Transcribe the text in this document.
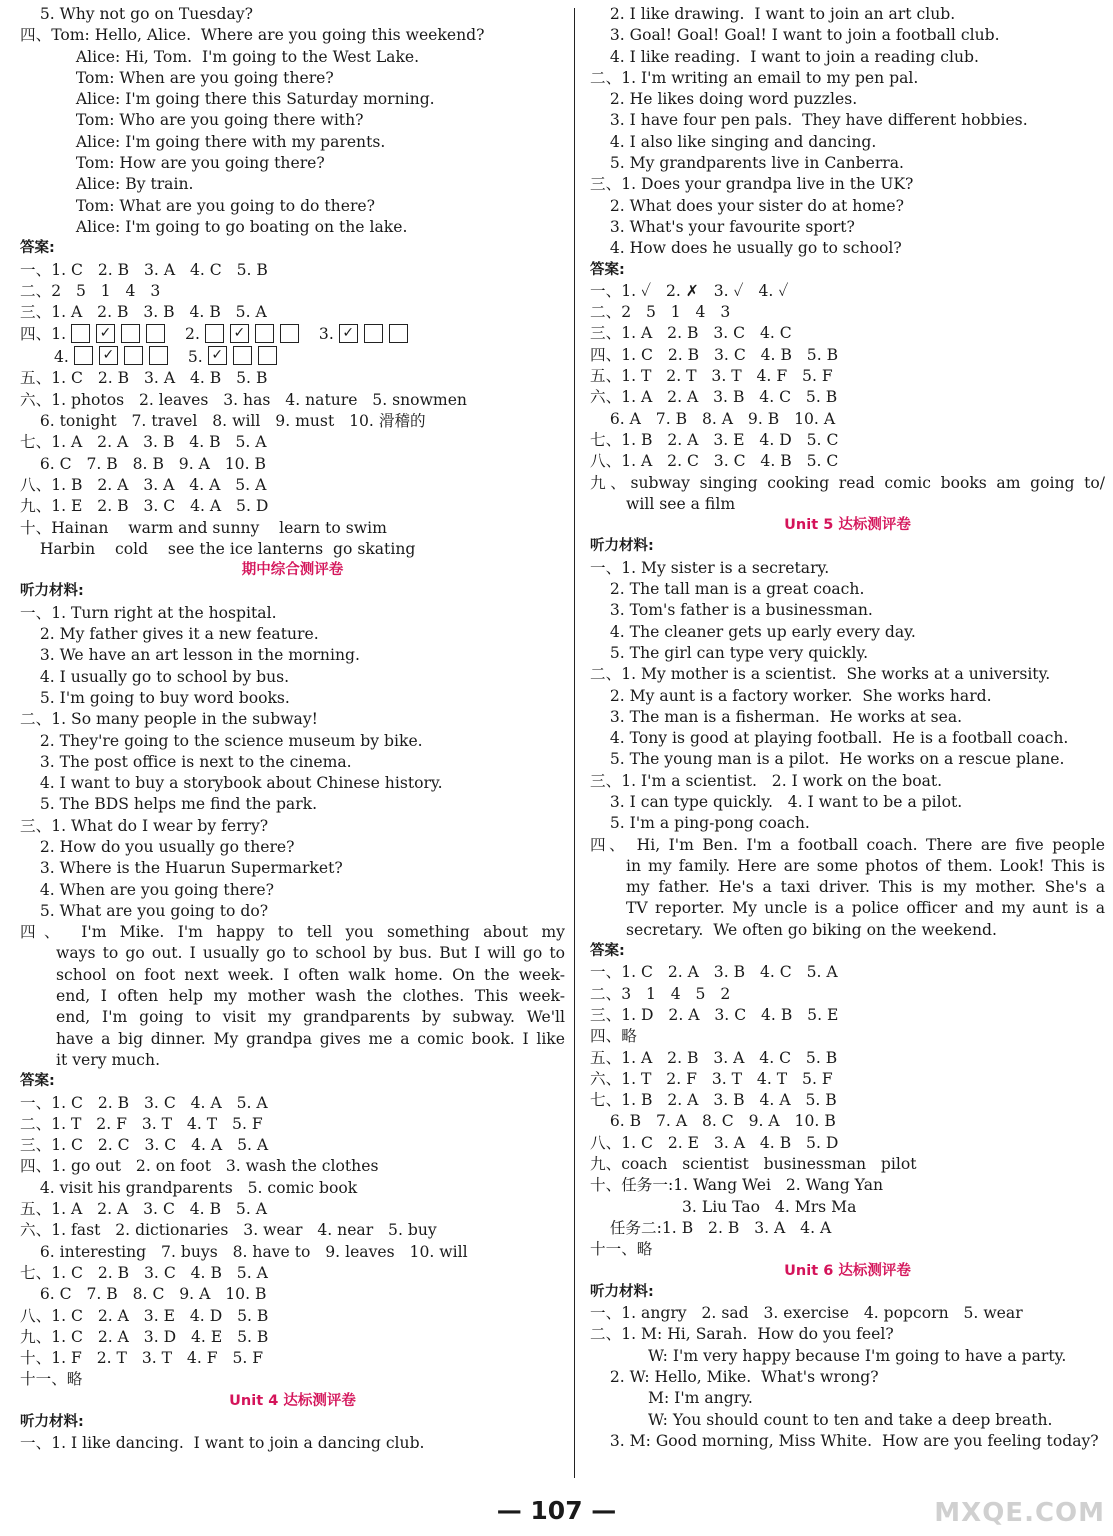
5. Why not go on Tuesday?
四、Tom: Hello, Alice.  Where are you going this weekend?
Alice: Hi, Tom.  I'm going to the West Lake.
Tom: When are you going there?
Alice: I'm going there this Saturday morning.
Tom: Who are you going there with?
Alice: I'm going there with my parents.
Tom: How are you going there?
Alice: By train.
Tom: What are you going to do there?
Alice: I'm going to go boating on the lake.
答案:
一、1. C   2. B   3. A   4. C   5. B
二、2   5   1   4   3
三、1. A   2. B   3. B   4. B   5. A
四、1. ✓	2. ✓	3. ✓
4. ✓	5. ✓
五、1. C   2. B   3. A   4. B   5. B
六、1. photos   2. leaves   3. has   4. nature   5. snowmen
6. tonight   7. travel   8. will   9. must   10. 滑稽的
七、1. A   2. A   3. B   4. B   5. A
6. C   7. B   8. B   9. A   10. B
八、1. B   2. A   3. A   4. A   5. A
九、1. E   2. B   3. C   4. A   5. D
十、Hainan    warm and sunny    learn to swim
Harbin    cold    see the ice lanterns  go skating
期中综合测评卷
听力材料:
一、1. Turn right at the hospital.
2. My father gives it a new feature.
3. We have an art lesson in the morning.
4. I usually go to school by bus.
5. I'm going to buy word books.
二、1. So many people in the subway!
2. They're going to the science museum by bike.
3. The post office is next to the cinema.
4. I want to buy a storybook about Chinese history.
5. The BDS helps me find the park.
三、1. What do I wear by ferry?
2. How do you usually go there?
3. Where is the Huarun Supermarket?
4. When are you going there?
5. What are you going to do?
四、 I'm Mike. I'm happy to tell you something about my
ways to go out. I usually go to school by bus. But I will go to
school on foot next week. I often walk home. On the week-
end, I often help my mother wash the clothes. This week-
end, I'm going to visit my grandparents by subway. We'll
have a big dinner. My grandpa gives me a comic book. I like
it very much.
答案:
一、1. C   2. B   3. C   4. A   5. A
二、1. T   2. F   3. T   4. T   5. F
三、1. C   2. C   3. C   4. A   5. A
四、1. go out   2. on foot   3. wash the clothes
4. visit his grandparents   5. comic book
五、1. A   2. A   3. C   4. B   5. A
六、1. fast   2. dictionaries   3. wear   4. near   5. buy
6. interesting   7. buys   8. have to   9. leaves   10. will
七、1. C   2. B   3. C   4. B   5. A
6. C   7. B   8. C   9. A   10. B
八、1. C   2. A   3. E   4. D   5. B
九、1. C   2. A   3. D   4. E   5. B
十、1. F   2. T   3. T   4. F   5. F
十一、略
Unit 4 达标测评卷
听力材料:
一、1. I like dancing.  I want to join a dancing club.
2. I like drawing.  I want to join an art club.
3. Goal! Goal! Goal! I want to join a football club.
4. I like reading.  I want to join a reading club.
二、1. I'm writing an email to my pen pal.
2. He likes doing word puzzles.
3. I have four pen pals.  They have different hobbies.
4. I also like singing and dancing.
5. My grandparents live in Canberra.
三、1. Does your grandpa live in the UK?
2. What does your sister do at home?
3. What's your favourite sport?
4. How does he usually go to school?
答案:
一、1. ✓   2. ✗   3. ✓   4. ✓
二、2   5   1   4   3
三、1. A   2. B   3. C   4. C
四、1. C   2. B   3. C   4. B   5. B
五、1. T   2. T   3. T   4. F   5. F
六、1. A   2. A   3. B   4. C   5. B
6. A   7. B   8. A   9. B   10. A
七、1. B   2. A   3. E   4. D   5. C
八、1. A   2. C   3. C   4. B   5. C
九、subway singing cooking read comic books am going to/
will see a film
Unit 5 达标测评卷
听力材料:
一、1. My sister is a secretary.
2. The tall man is a great coach.
3. Tom's father is a businessman.
4. The cleaner gets up early every day.
5. The girl can type very quickly.
二、1. My mother is a scientist.  She works at a university.
2. My aunt is a factory worker.  She works hard.
3. The man is a fisherman.  He works at sea.
4. Tony is good at playing football.  He is a football coach.
5. The young man is a pilot.  He works on a rescue plane.
三、1. I'm a scientist.   2. I work on the boat.
3. I can type quickly.   4. I want to be a pilot.
5. I'm a ping-pong coach.
四、 Hi, I'm Ben. I'm a football coach. There are five people
in my family. Here are some photos of them. Look! This is
my father. He's a taxi driver. This is my mother. She's a
TV reporter. My uncle is a police officer and my aunt is a
secretary.  We often go biking on the weekend.
答案:
一、1. C   2. A   3. B   4. C   5. A
二、3   1   4   5   2
三、1. D   2. A   3. C   4. B   5. E
四、略
五、1. A   2. B   3. A   4. C   5. B
六、1. T   2. F   3. T   4. T   5. F
七、1. B   2. A   3. B   4. A   5. B
6. B   7. A   8. C   9. A   10. B
八、1. C   2. E   3. A   4. B   5. D
九、coach   scientist   businessman   pilot
十、任务一:1. Wang Wei   2. Wang Yan
3. Liu Tao   4. Mrs Ma
任务二:1. B   2. B   3. A   4. A
十一、略
Unit 6 达标测评卷
听力材料:
一、1. angry   2. sad   3. exercise   4. popcorn   5. wear
二、1. M: Hi, Sarah.  How do you feel?
W: I'm very happy because I'm going to have a party.
2. W: Hello, Mike.  What's wrong?
M: I'm angry.
W: You should count to ten and take a deep breath.
3. M: Good morning, Miss White.  How are you feeling today?
— 107 —	MXQE.COM
